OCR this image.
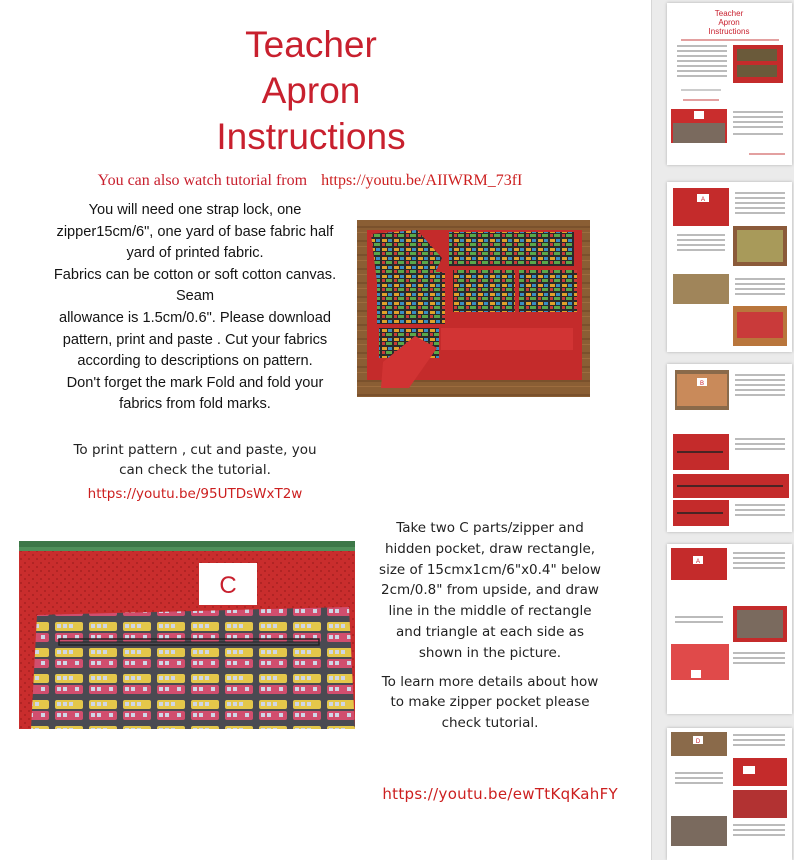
Teacher
Apron
Instructions
You can also watch tutorial from https://youtu.be/AIIWRM_73fI
You will need one strap lock, one
zipper15cm/6", one yard of base fabric half
yard of printed fabric.
Fabrics can be cotton or soft cotton canvas.
Seam
allowance is 1.5cm/0.6". Please download
pattern, print and paste . Cut your fabrics
according to descriptions on pattern.
Don't forget the mark Fold and fold your
fabrics from fold marks.
To print pattern , cut and paste, you
can check the tutorial.
https://youtu.be/95UTDsWxT2w
C
Take two C parts/zipper and
hidden pocket, draw rectangle,
size of 15cmx1cm/6"x0.4" below
2cm/0.8" from upside, and draw
line in the middle of rectangle
and triangle at each side as
shown in the picture.
To learn more details about how
to make zipper pocket please
check tutorial.
https://youtu.be/ewTtKqKahFY
Teacher
Apron
Instructions
A
B
A
D
